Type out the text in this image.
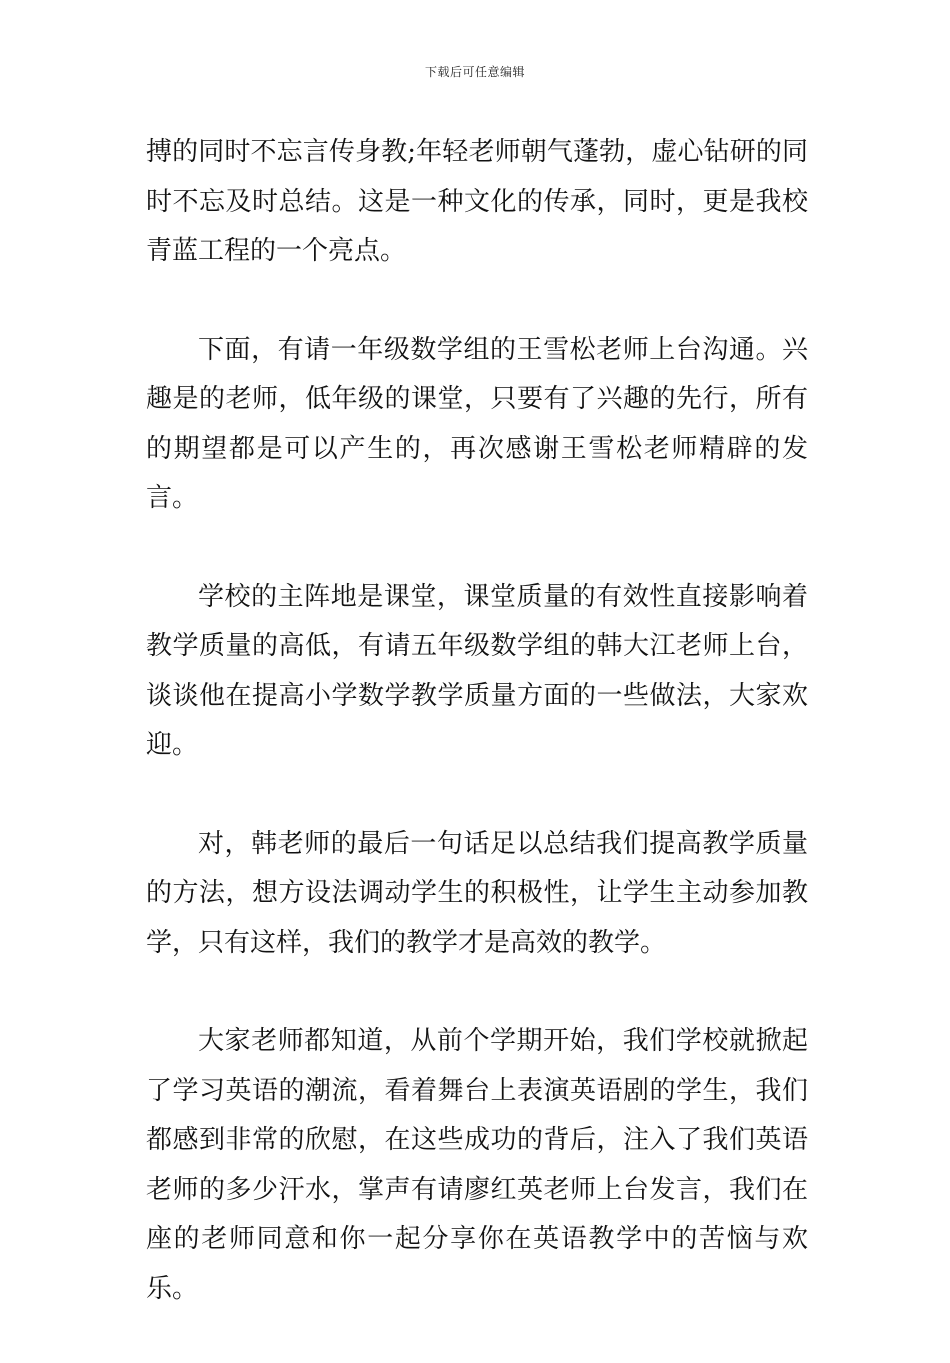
下载后可任意编辑

搏的同时不忘言传身教;年轻老师朝气蓬勃，虚心钻研的同时不忘及时总结。这是一种文化的传承，同时，更是我校青蓝工程的一个亮点。

下面，有请一年级数学组的王雪松老师上台沟通。兴趣是的老师，低年级的课堂，只要有了兴趣的先行，所有的期望都是可以产生的，再次感谢王雪松老师精辟的发言。

学校的主阵地是课堂，课堂质量的有效性直接影响着教学质量的高低，有请五年级数学组的韩大江老师上台，谈谈他在提高小学数学教学质量方面的一些做法，大家欢迎。

对，韩老师的最后一句话足以总结我们提高教学质量的方法，想方设法调动学生的积极性，让学生主动参加教学，只有这样，我们的教学才是高效的教学。

大家老师都知道，从前个学期开始，我们学校就掀起了学习英语的潮流，看着舞台上表演英语剧的学生，我们都感到非常的欣慰，在这些成功的背后，注入了我们英语老师的多少汗水，掌声有请廖红英老师上台发言，我们在座的老师同意和你一起分享你在英语教学中的苦恼与欢乐。
